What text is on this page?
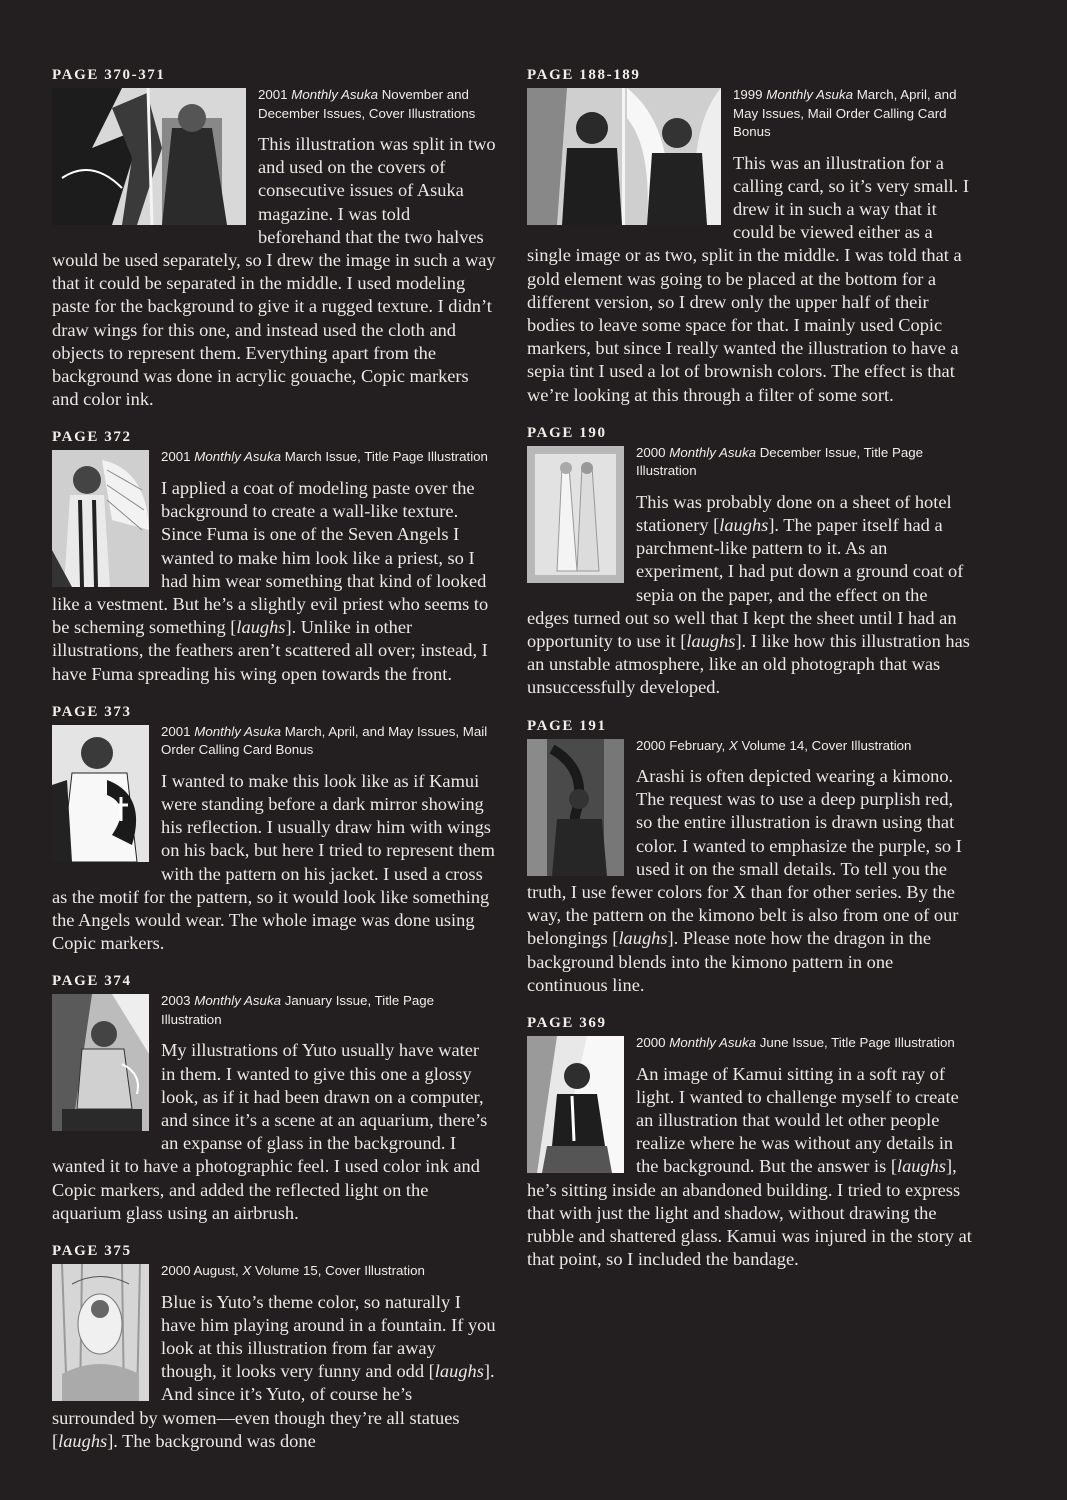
PAGE 370-371
2001 Monthly Asuka November and December Issues, Cover Illustrations

This illustration was split in two and used on the covers of consecutive issues of Asuka magazine. I was told beforehand that the two halves would be used separately, so I drew the image in such a way that it could be separated in the middle. I used modeling paste for the background to give it a rugged texture. I didn’t draw wings for this one, and instead used the cloth and objects to represent them. Everything apart from the background was done in acrylic gouache, Copic markers and color ink.

PAGE 372
2001 Monthly Asuka March Issue, Title Page Illustration

I applied a coat of modeling paste over the background to create a wall-like texture. Since Fuma is one of the Seven Angels I wanted to make him look like a priest, so I had him wear something that kind of looked like a vestment. But he’s a slightly evil priest who seems to be scheming something [laughs]. Unlike in other illustrations, the feathers aren’t scattered all over; instead, I have Fuma spreading his wing open towards the front.

PAGE 373
2001 Monthly Asuka March, April, and May Issues, Mail Order Calling Card Bonus

I wanted to make this look like as if Kamui were standing before a dark mirror showing his reflection. I usually draw him with wings on his back, but here I tried to represent them with the pattern on his jacket. I used a cross as the motif for the pattern, so it would look like something the Angels would wear. The whole image was done using Copic markers.

PAGE 374
2003 Monthly Asuka January Issue, Title Page Illustration

My illustrations of Yuto usually have water in them. I wanted to give this one a glossy look, as if it had been drawn on a computer, and since it’s a scene at an aquarium, there’s an expanse of glass in the background. I wanted it to have a photographic feel. I used color ink and Copic markers, and added the reflected light on the aquarium glass using an airbrush.

PAGE 375
2000 August, X Volume 15, Cover Illustration

Blue is Yuto’s theme color, so naturally I have him playing around in a fountain. If you look at this illustration from far away though, it looks very funny and odd [laughs]. And since it’s Yuto, of course he’s surrounded by women—even though they’re all statues [laughs]. The background was done

PAGE 188-189
1999 Monthly Asuka March, April, and May Issues, Mail Order Calling Card Bonus

This was an illustration for a calling card, so it’s very small. I drew it in such a way that it could be viewed either as a single image or as two, split in the middle. I was told that a gold element was going to be placed at the bottom for a different version, so I drew only the upper half of their bodies to leave some space for that. I mainly used Copic markers, but since I really wanted the illustration to have a sepia tint I used a lot of brownish colors. The effect is that we’re looking at this through a filter of some sort.

PAGE 190
2000 Monthly Asuka December Issue, Title Page Illustration

This was probably done on a sheet of hotel stationery [laughs]. The paper itself had a parchment-like pattern to it. As an experiment, I had put down a ground coat of sepia on the paper, and the effect on the edges turned out so well that I kept the sheet until I had an opportunity to use it [laughs]. I like how this illustration has an unstable atmosphere, like an old photograph that was unsuccessfully developed.

PAGE 191
2000 February, X Volume 14, Cover Illustration

Arashi is often depicted wearing a kimono. The request was to use a deep purplish red, so the entire illustration is drawn using that color. I wanted to emphasize the purple, so I used it on the small details. To tell you the truth, I use fewer colors for X than for other series. By the way, the pattern on the kimono belt is also from one of our belongings [laughs]. Please note how the dragon in the background blends into the kimono pattern in one continuous line.

PAGE 369
2000 Monthly Asuka June Issue, Title Page Illustration

An image of Kamui sitting in a soft ray of light. I wanted to challenge myself to create an illustration that would let other people realize where he was without any details in the background. But the answer is [laughs], he’s sitting inside an abandoned building. I tried to express that with just the light and shadow, without drawing the rubble and shattered glass. Kamui was injured in the story at that point, so I included the bandage.
